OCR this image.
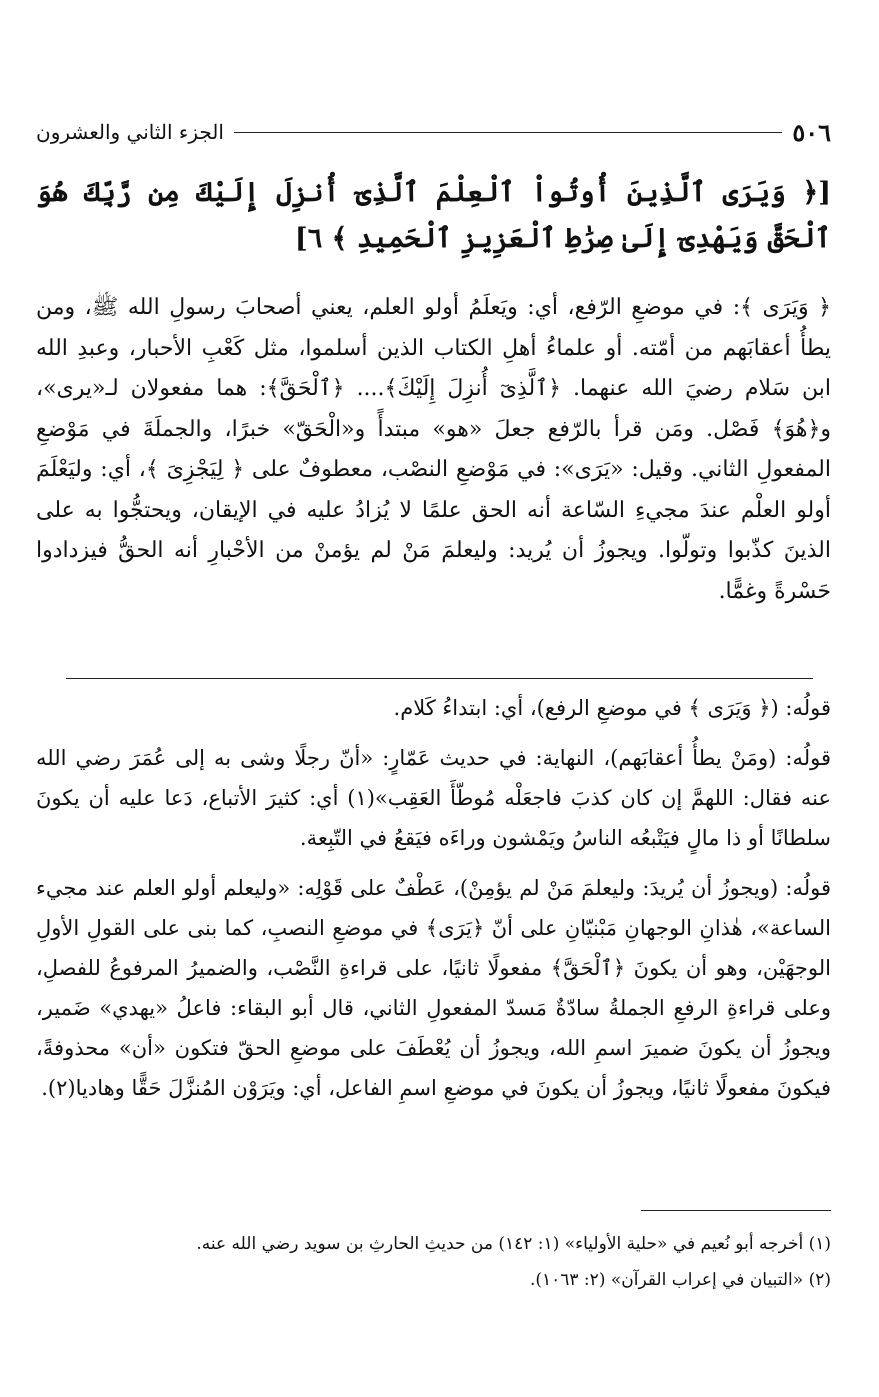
الجزء الثاني والعشرون	٥٠٦
[﴿ وَيَرَى ٱلَّذِينَ أُوتُواْ ٱلْعِلْمَ ٱلَّذِىٓ أُنزِلَ إِلَيْكَ مِن رَّبِّكَ هُوَ ٱلْحَقَّ وَيَهْدِىٓ إِلَىٰ صِرَٰطِ ٱلْعَزِيزِ ٱلْحَمِيدِ ﴾ ٦]
﴿ وَيَرَى ﴾: في موضعِ الرّفع، أي: ويَعلَمُ أولو العلم، يعني أصحابَ رسولِ الله ﷺ، ومن يطأُ أعقابَهم من أمّته. أو علماءُ أهلِ الكتاب الذين أسلموا، مثل كَعْبِ الأحبار، وعبدِ الله ابن سَلام رضيَ الله عنهما. ﴿ٱلَّذِىٓ أُنزِلَ إِلَيْكَ﴾.... ﴿ٱلْحَقَّ﴾: هما مفعولان لـ«يرى»، و﴿هُوَ﴾ فَصْل. ومَن قرأ بالرّفع جعلَ «هو» مبتدأً و«الْحَقّ» خبرًا، والجملَةَ في مَوْضعِ المفعولِ الثاني. وقيل: «يَرَى»: في مَوْضعِ النصْب، معطوفٌ على ﴿ لِيَجْزِىَ ﴾، أي: وليَعْلَمَ أولو العلْم عندَ مجيءِ السّاعة أنه الحق علمًا لا يُزادُ عليه في الإيقان، ويحتجُّوا به على الذينَ كذّبوا وتولّوا. ويجوزُ أن يُريد: وليعلمَ مَنْ لم يؤمنْ من الأحْبارِ أنه الحقُّ فيزدادوا حَسْرةً وغمًّا.

قولُه: (﴿ وَيَرَى ﴾ في موضعِ الرفع)، أي: ابتداءُ كَلام.

قولُه: (ومَنْ يطأُ أعقابَهم)، النهاية: في حديث عَمّارٍ: «أنّ رجلًا وشى به إلى عُمَرَ رضي الله عنه فقال: اللهمَّ إن كان كذبَ فاجعَلْه مُوطّأَ العَقِب»(١) أي: كثيرَ الأتباع، دَعا عليه أن يكونَ سلطانًا أو ذا مالٍ فيَتْبعُه الناسُ ويَمْشون وراءَه فيَقعُ في التّبِعة.

قولُه: (ويجوزُ أن يُريدَ: وليعلمَ مَنْ لم يؤمِنْ)، عَطْفٌ على قَوْلِه: «وليعلم أولو العلم عند مجيء الساعة»، هٰذانِ الوجهانِ مَبْنيّانِ على أنّ ﴿يَرَى﴾ في موضعِ النصبِ، كما بنى على القولِ الأولِ الوجهَيْن، وهو أن يكونَ ﴿ٱلْحَقَّ﴾ مفعولًا ثانيًا، على قراءةِ النَّصْب، والضميرُ المرفوعُ للفصلِ، وعلى قراءةِ الرفعِ الجملةُ سادّةٌ مَسدّ المفعولِ الثاني، قال أبو البقاء: فاعلُ «يهدي» ضَمير، ويجوزُ أن يكونَ ضميرَ اسمِ الله، ويجوزُ أن يُعْطَفَ على موضعِ الحقّ فتكون «أن» محذوفةً، فيكونَ مفعولًا ثانيًا، ويجوزُ أن يكونَ في موضعِ اسمِ الفاعل، أي: ويَرَوْن المُنزَّلَ حَقًّا وهاديا(٢).

(١) أخرجه أبو نُعيم في «حلية الأولياء» (١: ١٤٢) من حديثِ الحارثِ بن سويد رضي الله عنه.

(٢) «التبيان في إعراب القرآن» (٢: ١٠٦٣).
